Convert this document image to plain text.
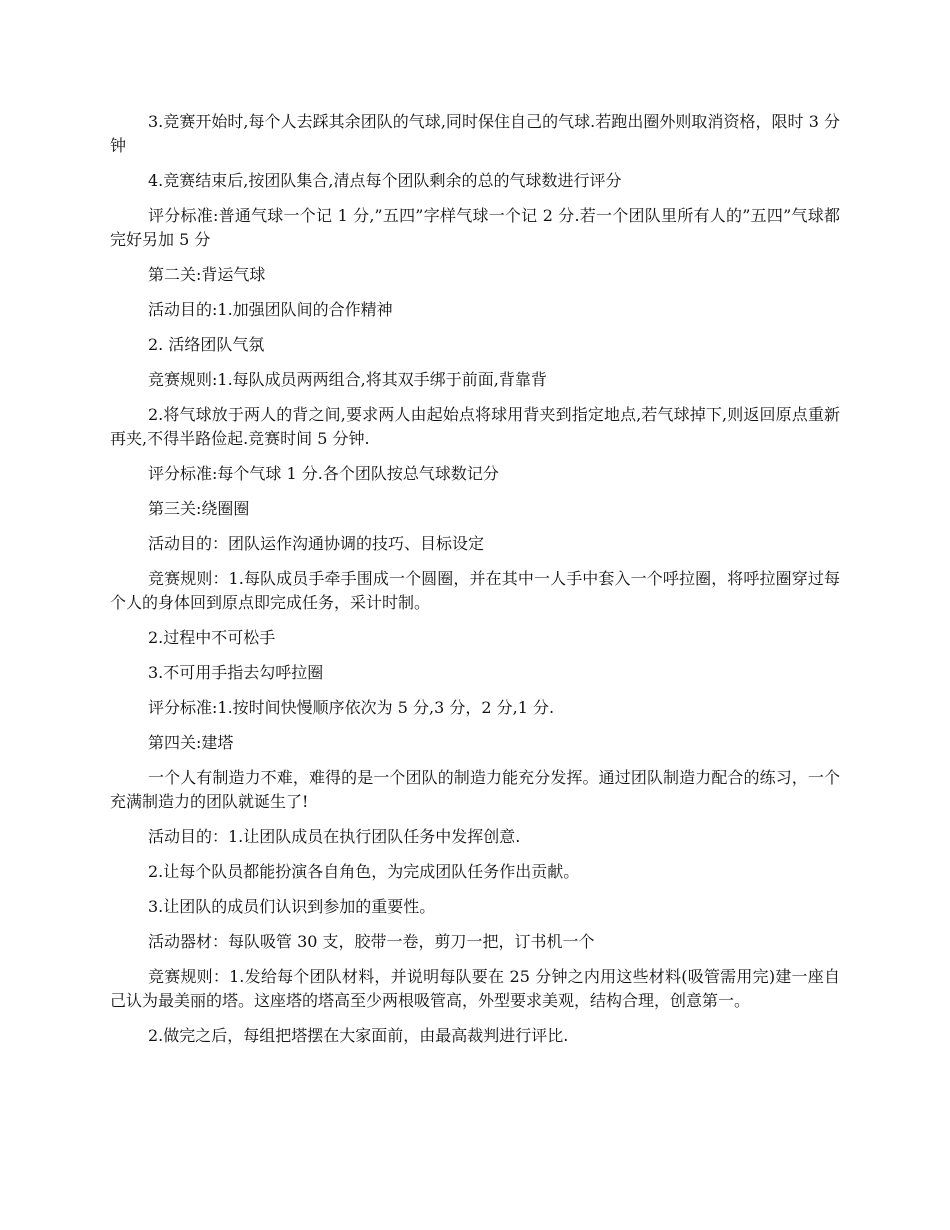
3.竞赛开始时,每个人去踩其余团队的气球,同时保住自己的气球.若跑出圈外则取消资格，限时 3 分钟

4.竞赛结束后,按团队集合,清点每个团队剩余的总的气球数进行评分

评分标准:普通气球一个记 1 分,”五四”字样气球一个记 2 分.若一个团队里所有人的”五四”气球都完好另加 5 分

第二关:背运气球

活动目的:1.加强团队间的合作精神

2. 活络团队气氛

竞赛规则:1.每队成员两两组合,将其双手绑于前面,背靠背

2.将气球放于两人的背之间,要求两人由起始点将球用背夹到指定地点,若气球掉下,则返回原点重新再夹,不得半路俭起.竞赛时间 5 分钟.

评分标准:每个气球 1 分.各个团队按总气球数记分

第三关:绕圈圈

活动目的：团队运作沟通协调的技巧、目标设定

竞赛规则：1.每队成员手牵手围成一个圆圈，并在其中一人手中套入一个呼拉圈，将呼拉圈穿过每个人的身体回到原点即完成任务，采计时制。

2.过程中不可松手

3.不可用手指去勾呼拉圈

评分标准:1.按时间快慢顺序依次为 5 分,3 分，2 分,1 分.

第四关:建塔

一个人有制造力不难，难得的是一个团队的制造力能充分发挥。通过团队制造力配合的练习，一个充满制造力的团队就诞生了!

活动目的：1.让团队成员在执行团队任务中发挥创意.

2.让每个队员都能扮演各自角色，为完成团队任务作出贡献。

3.让团队的成员们认识到参加的重要性。

活动器材：每队吸管 30 支，胶带一卷，剪刀一把，订书机一个

竞赛规则：1.发给每个团队材料，并说明每队要在 25 分钟之内用这些材料(吸管需用完)建一座自己认为最美丽的塔。这座塔的塔高至少两根吸管高，外型要求美观，结构合理，创意第一。

2.做完之后，每组把塔摆在大家面前，由最高裁判进行评比.
